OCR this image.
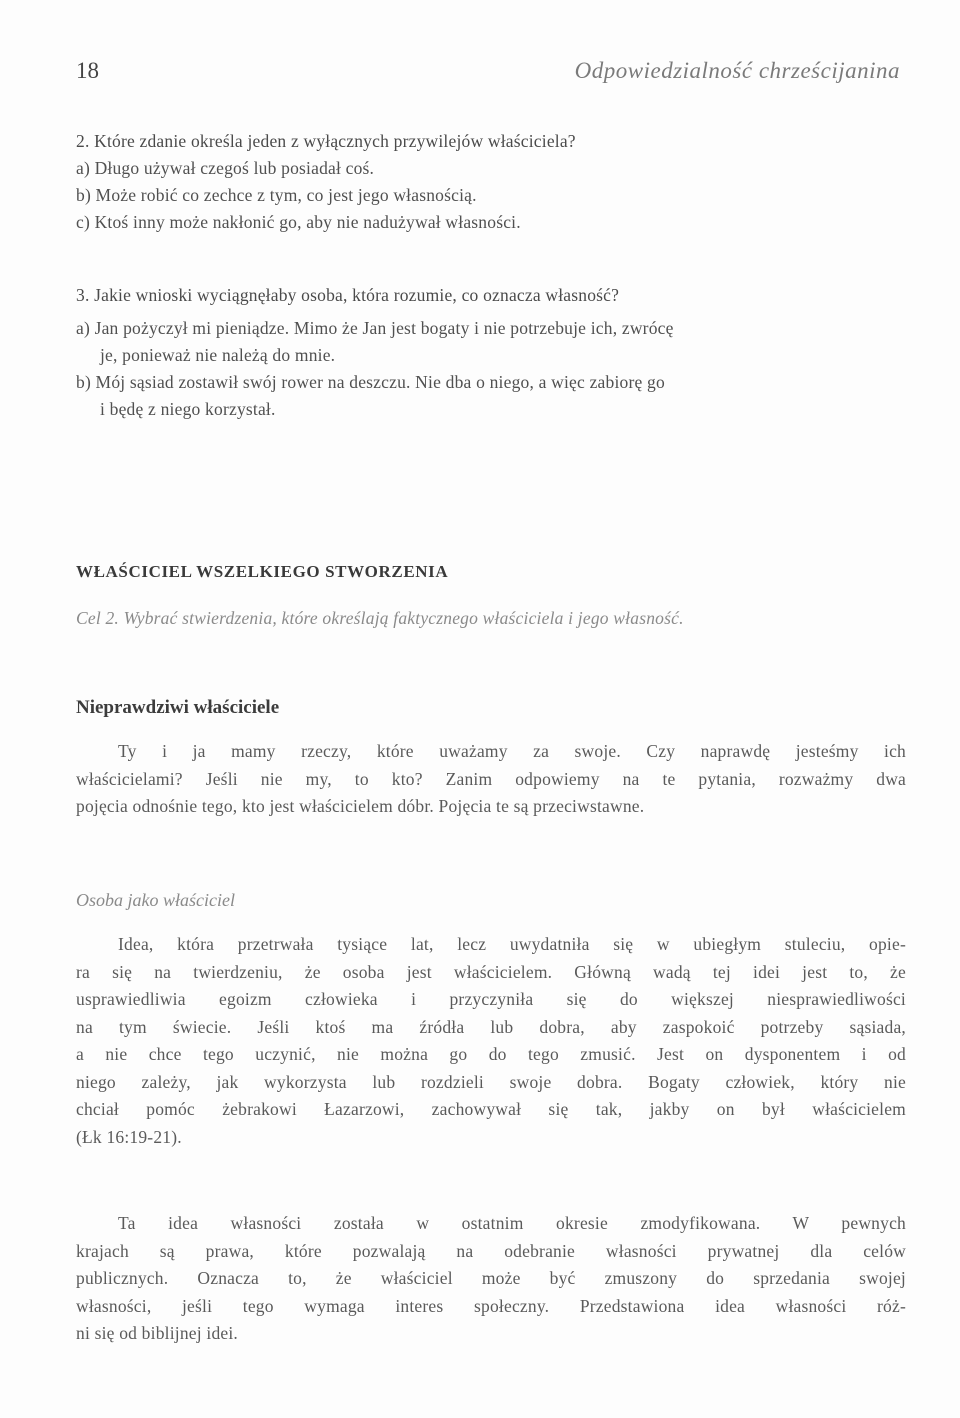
18	Odpowiedzialność chrześcijanina
2. Które zdanie określa jeden z wyłącznych przywilejów właściciela?
a) Długo używał czegoś lub posiadał coś.
b) Może robić co zechce z tym, co jest jego własnością.
c) Ktoś inny może nakłonić go, aby nie nadużywał własności.
3. Jakie wnioski wyciągnęłaby osoba, która rozumie, co oznacza własność?
a) Jan pożyczył mi pieniądze. Mimo że Jan jest bogaty i nie potrzebuje ich, zwrócę
je, ponieważ nie należą do mnie.
b) Mój sąsiad zostawił swój rower na deszczu. Nie dba o niego, a więc zabiorę go
i będę z niego korzystał.
WŁAŚCICIEL WSZELKIEGO STWORZENIA
Cel 2. Wybrać stwierdzenia, które określają faktycznego właściciela i jego własność.
Nieprawdziwi właściciele
Ty i ja mamy rzeczy, które uważamy za swoje. Czy naprawdę jesteśmy ich
właścicielami? Jeśli nie my, to kto? Zanim odpowiemy na te pytania, rozważmy dwa
pojęcia odnośnie tego, kto jest właścicielem dóbr. Pojęcia te są przeciwstawne.
Osoba jako właściciel
Idea, która przetrwała tysiące lat, lecz uwydatniła się w ubiegłym stuleciu, opie-
ra się na twierdzeniu, że osoba jest właścicielem. Główną wadą tej idei jest to, że
usprawiedliwia egoizm człowieka i przyczyniła się do większej niesprawiedliwości
na tym świecie. Jeśli ktoś ma źródła lub dobra, aby zaspokoić potrzeby sąsiada,
a nie chce tego uczynić, nie można go do tego zmusić. Jest on dysponentem i od
niego zależy, jak wykorzysta lub rozdzieli swoje dobra. Bogaty człowiek, który nie
chciał pomóc żebrakowi Łazarzowi, zachowywał się tak, jakby on był właścicielem
(Łk 16:19-21).
Ta idea własności została w ostatnim okresie zmodyfikowana. W pewnych
krajach są prawa, które pozwalają na odebranie własności prywatnej dla celów
publicznych. Oznacza to, że właściciel może być zmuszony do sprzedania swojej
własności, jeśli tego wymaga interes społeczny. Przedstawiona idea własności róż-
ni się od biblijnej idei.
